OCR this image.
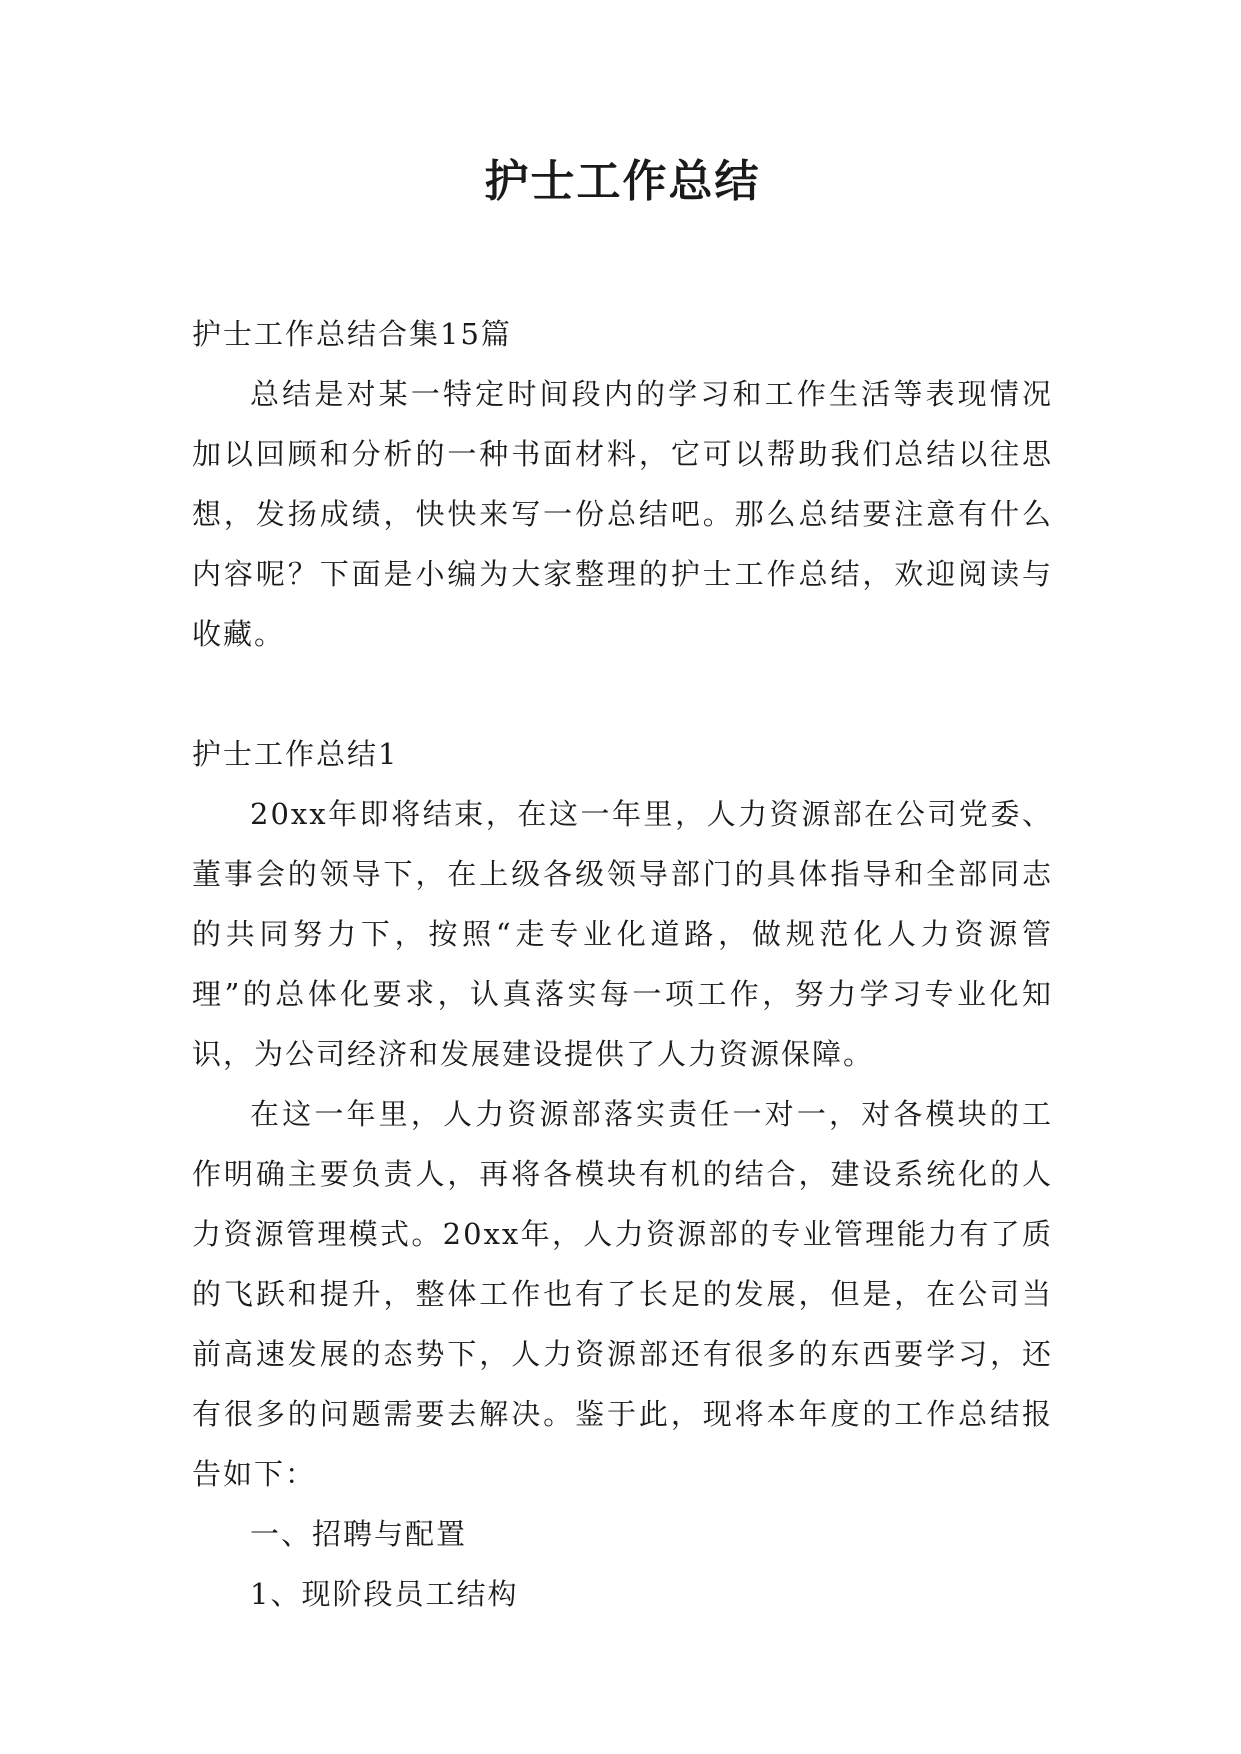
护士工作总结

护士工作总结合集15篇

总结是对某一特定时间段内的学习和工作生活等表现情况加以回顾和分析的一种书面材料，它可以帮助我们总结以往思想，发扬成绩，快快来写一份总结吧。那么总结要注意有什么内容呢？下面是小编为大家整理的护士工作总结，欢迎阅读与收藏。

护士工作总结1

20xx年即将结束，在这一年里，人力资源部在公司党委、董事会的领导下，在上级各级领导部门的具体指导和全部同志的共同努力下，按照“走专业化道路，做规范化人力资源管理”的总体化要求，认真落实每一项工作，努力学习专业化知识，为公司经济和发展建设提供了人力资源保障。

在这一年里，人力资源部落实责任一对一，对各模块的工作明确主要负责人，再将各模块有机的结合，建设系统化的人力资源管理模式。20xx年，人力资源部的专业管理能力有了质的飞跃和提升，整体工作也有了长足的发展，但是，在公司当前高速发展的态势下，人力资源部还有很多的东西要学习，还有很多的问题需要去解决。鉴于此，现将本年度的工作总结报告如下：

一、招聘与配置

1、现阶段员工结构
